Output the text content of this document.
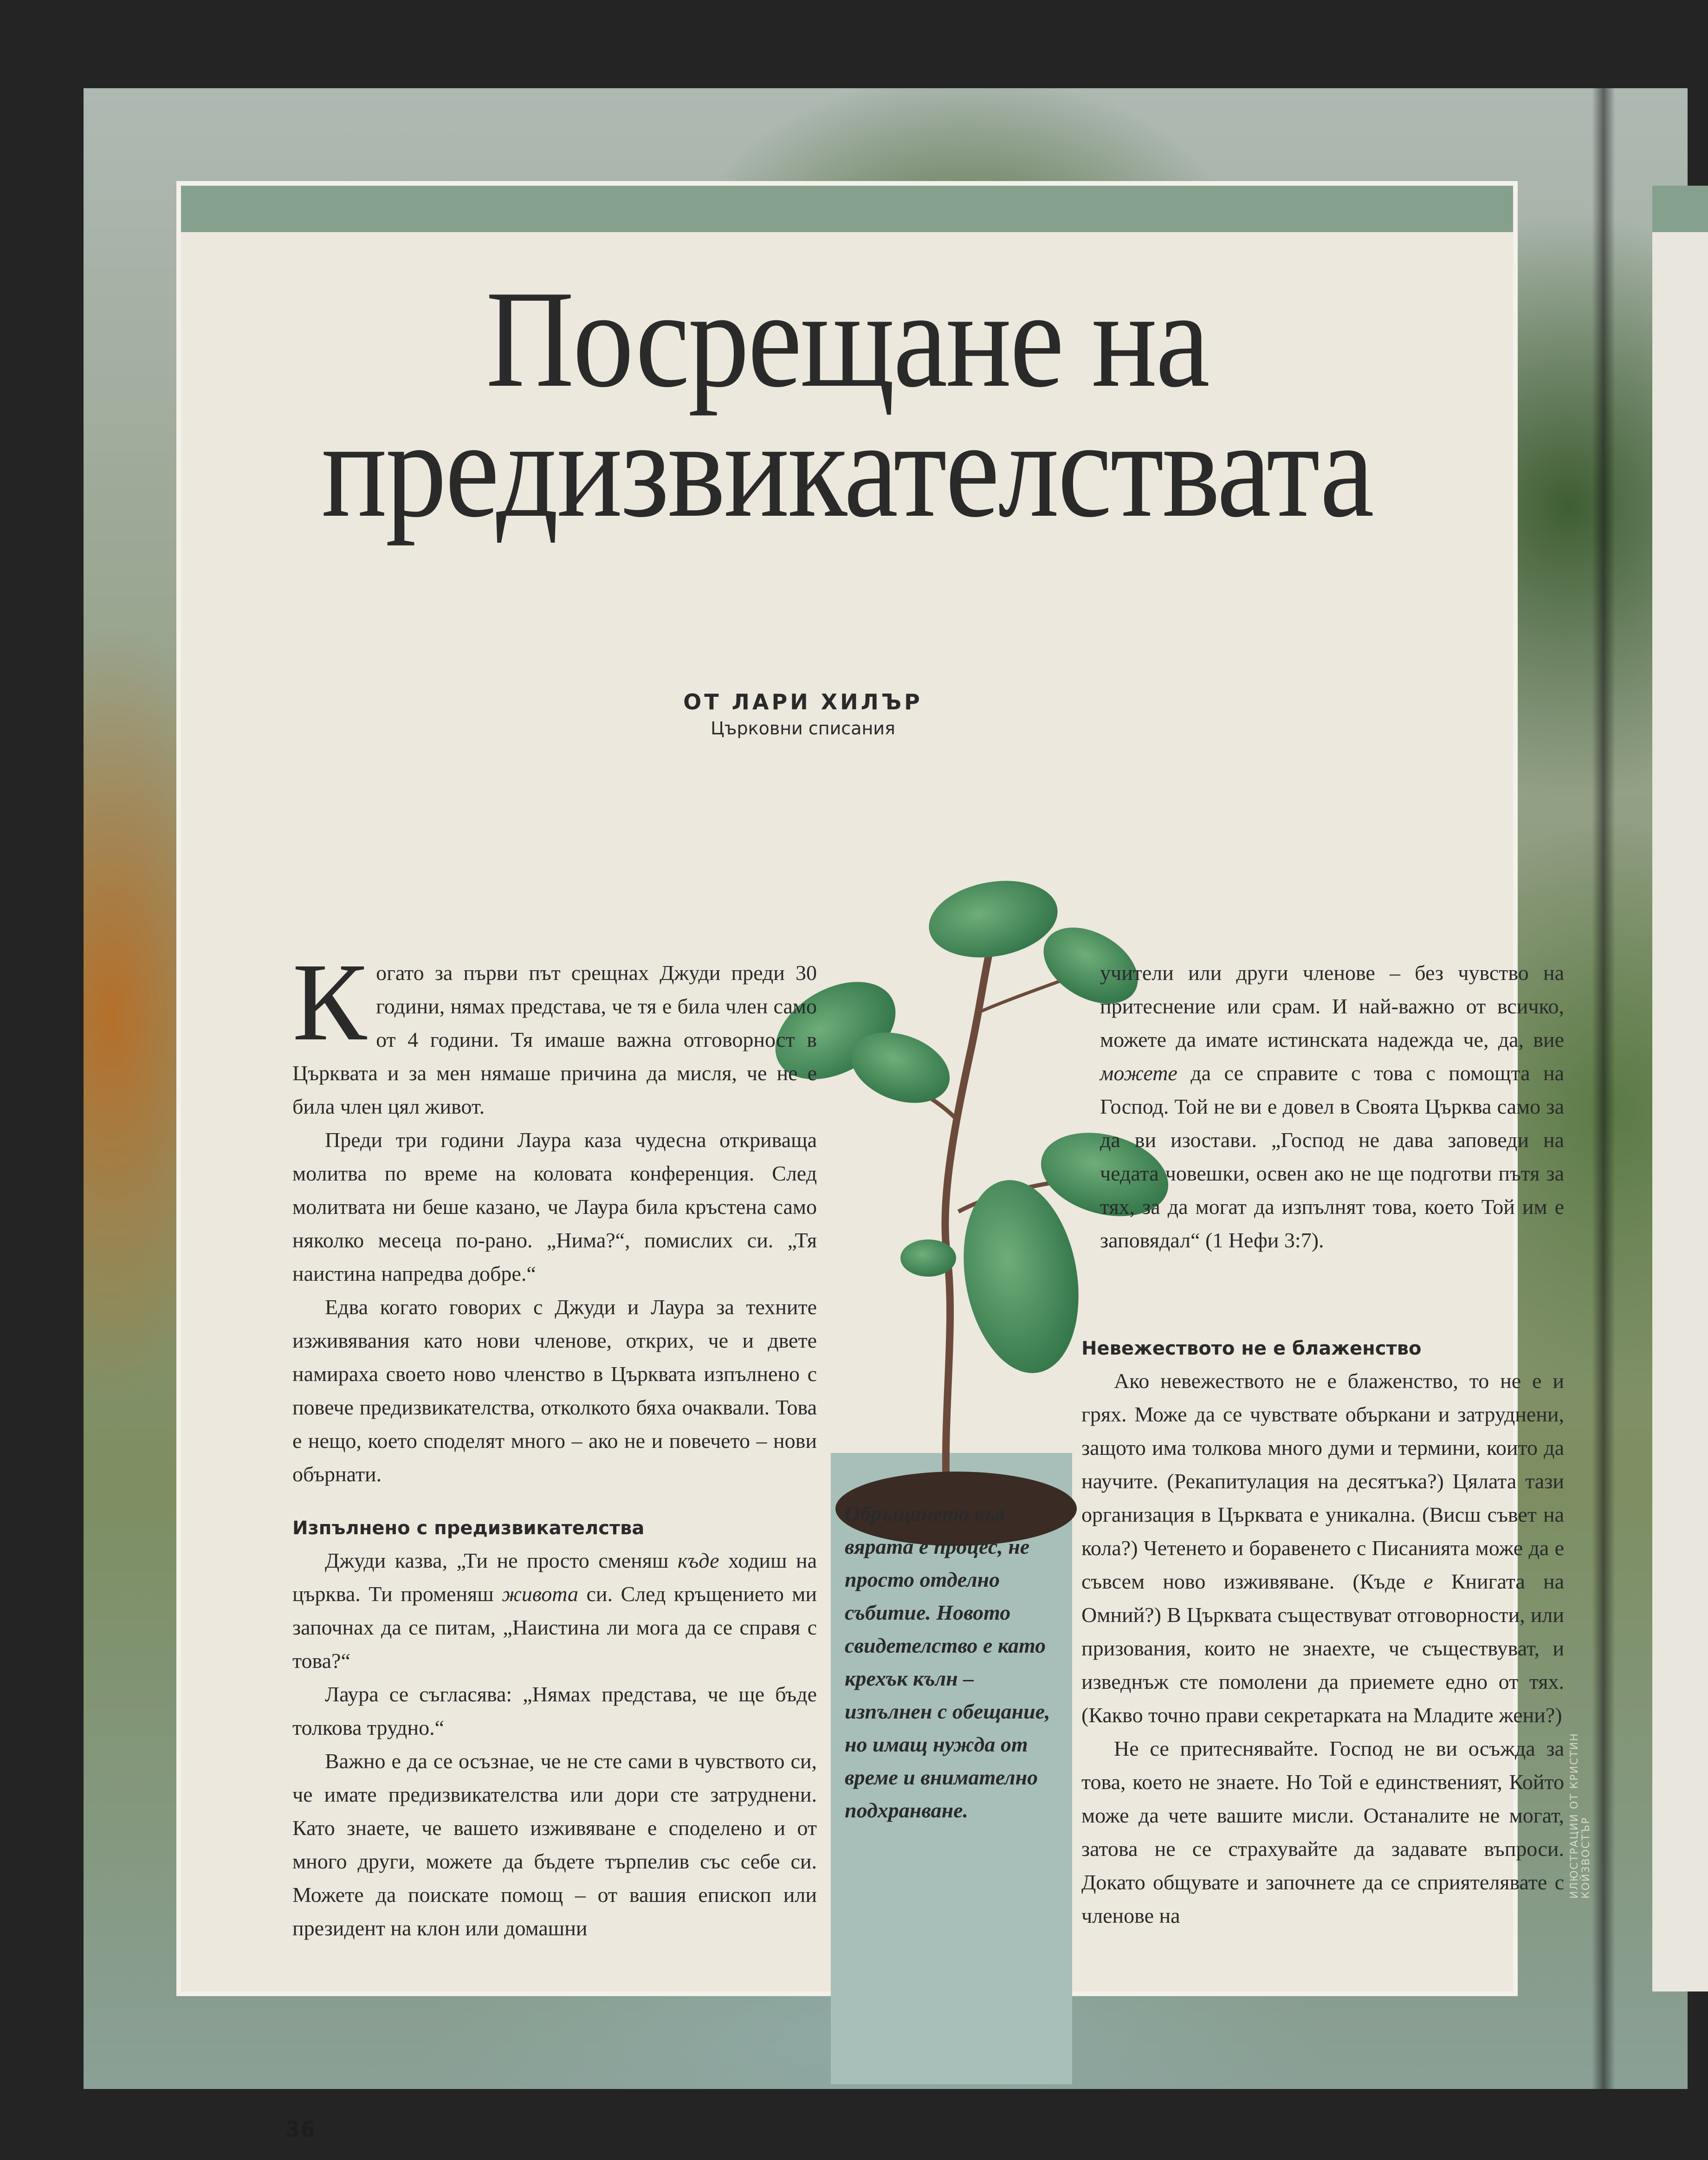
Посрещане на
предизвикателствата
ОТ ЛАРИ ХИЛЪР
Църковни списания

Когато за първи път срещнах Джуди преди 30 години, нямах представа, че тя е била член само от 4 години. Тя имаше важна отговорност в Църквата и за мен нямаше причина да мисля, че не е била член цял живот.

Преди три години Лаура каза чудесна откриваща молитва по време на коловата конференция. След молитвата ни беше казано, че Лаура била кръстена само няколко месеца по-рано. „Нима?“, помислих си. „Тя наистина напредва добре.“

Едва когато говорих с Джуди и Лаура за техните изживявания като нови членове, открих, че и двете намираха своето ново членство в Църквата изпълнено с повече предизвикателства, отколкото бяха очаквали. Това е нещо, което споделят много – ако не и повечето – нови обърнати.

Изпълнено с предизвикателства

Джуди казва, „Ти не просто сменяш къде ходиш на църква. Ти променяш живота си. След кръщението ми започнах да се питам, „Наистина ли мога да се справя с това?“

Лаура се съгласява: „Нямах представа, че ще бъде толкова трудно.“

Важно е да се осъзнае, че не сте сами в чувството си, че имате предизвикателства или дори сте затруднени. Като знаете, че вашето изживяване е споделено и от много други, можете да бъдете търпелив със себе си. Можете да поискате помощ – от вашия епископ или президент на клон или домашни

учители или други членове – без чувство на притеснение или срам. И най-важно от всичко, можете да имате истинската надежда че, да, вие можете да се справите с това с помощта на Господ. Той не ви е довел в Своята Църква само за да ви изостави. „Господ не дава заповеди на чедата човешки, освен ако не ще подготви пътя за тях, за да могат да изпълнят това, което Той им е заповядал“ (1 Нефи 3:7).

Невежеството не е блаженство

Ако невежеството не е блаженство, то не е и грях. Може да се чувствате объркани и затруднени, защото има толкова много думи и термини, които да научите. (Рекапитулация на десятъка?) Цялата тази организация в Църквата е уникална. (Висш съвет на кола?) Четенето и боравенето с Писанията може да е съвсем ново изживяване. (Къде е Книгата на Омний?) В Църквата съществуват отговорности, или призования, които не знаехте, че съществуват, и изведнъж сте помолени да приемете едно от тях. (Какво точно прави секретарката на Младите жени?)

Не се притеснявайте. Господ не ви осъжда за това, което не знаете. Но Той е единственият, Който може да чете вашите мисли. Останалите не могат, затова не се страхувайте да задавате въпроси. Докато общувате и започнете да се сприятелявате с членове на

Обръщането във вярата е процес, не просто отделно събитие. Новото свидетелство е като крехък кълн – изпълнен с обещание, но имащ нужда от време и внимателно подхранване.
36
ИЛЮСТРАЦИИ ОТ КРИСТИН КОЙЗВОСТЪР
